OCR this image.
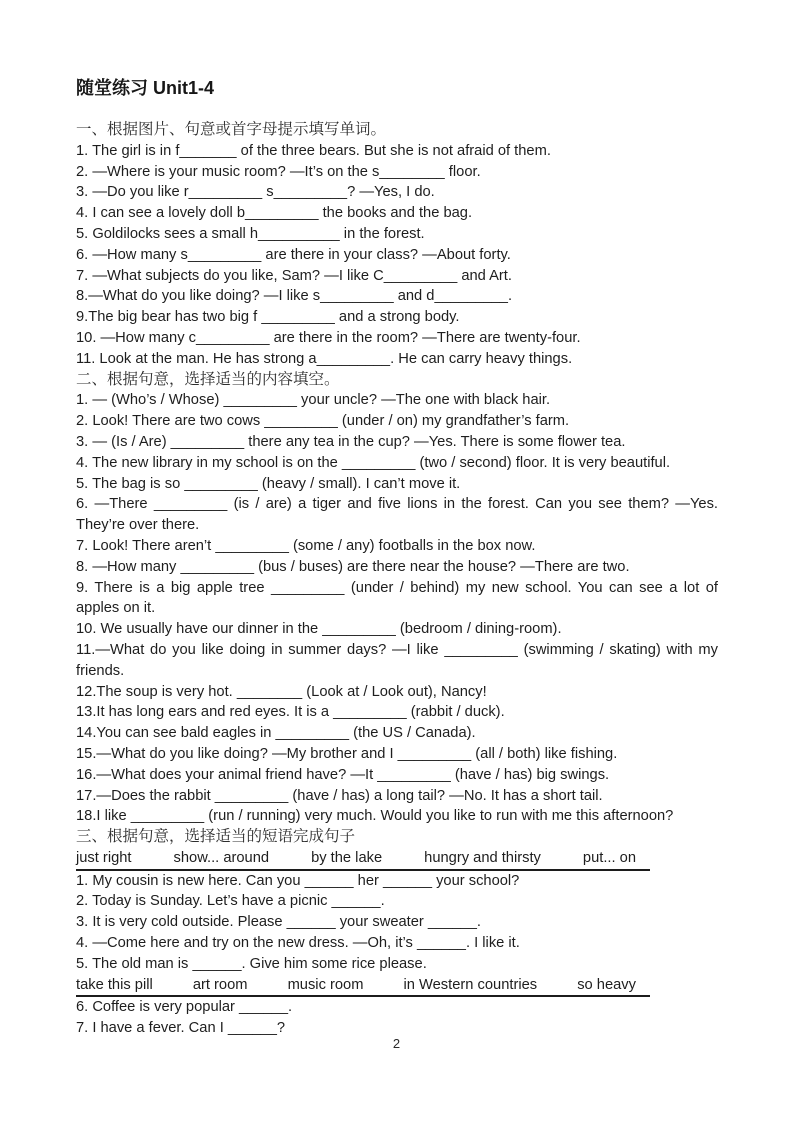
随堂练习 Unit1-4

一、根据图片、句意或首字母提示填写单词。

1. The girl is in f_______ of the three bears. But she is not afraid of them.

2. —Where is your music room? —It’s on the s________ floor.

3. —Do you like r_________ s_________? —Yes, I do.

4. I can see a lovely doll b_________ the books and the bag.

5. Goldilocks sees a small h__________ in the forest.

6. —How many s_________ are there in your class? —About forty.

7. —What subjects do you like, Sam? —I like C_________ and Art.

8.—What do you like doing? —I like s_________ and d_________.

9.The big bear has two big f _________ and a strong body.

10. —How many c_________ are there in the room? —There are twenty-four.

11. Look at the man. He has strong a_________. He can carry heavy things.

二、根据句意，选择适当的内容填空。

1. — (Who’s / Whose) _________ your uncle? —The one with black hair.

2. Look! There are two cows _________ (under / on) my grandfather’s farm.

3. — (Is / Are) _________ there any tea in the cup? —Yes. There is some flower tea.

4. The new library in my school is on the _________ (two / second) floor. It is very beautiful.

5. The bag is so _________ (heavy / small). I can’t move it.

6. —There _________ (is / are) a tiger and five lions in the forest. Can you see them? —Yes. They’re over there.

7. Look! There aren’t _________ (some / any) footballs in the box now.

8. —How many _________ (bus / buses) are there near the house? —There are two.

9. There is a big apple tree _________ (under / behind) my new school. You can see a lot of apples on it.

10. We usually have our dinner in the _________ (bedroom / dining-room).

11.—What do you like doing in summer days? —I like _________ (swimming / skating) with my friends.

12.The soup is very hot. ________ (Look at / Look out), Nancy!

13.It has long ears and red eyes. It is a _________ (rabbit / duck).

14.You can see bald eagles in _________ (the US / Canada).

15.—What do you like doing? —My brother and I _________ (all / both) like fishing.

16.—What does your animal friend have? —It _________ (have / has) big swings.

17.—Does the rabbit _________ (have / has) a long tail? —No. It has a short tail.

18.I like _________ (run / running) very much. Would you like to run with me this afternoon?

三、根据句意，选择适当的短语完成句子

just right	show... around	by the lake	hungry and thirsty	put... on

1. My cousin is new here. Can you ______ her ______ your school?

2. Today is Sunday. Let’s have a picnic ______.

3. It is very cold outside. Please ______ your sweater ______.

4. —Come here and try on the new dress. —Oh, it’s ______. I like it.

5. The old man is ______. Give him some rice please.

take this pill	art room	music room	in Western countries	so heavy

6. Coffee is very popular ______.

7. I have a fever. Can I ______?

2
